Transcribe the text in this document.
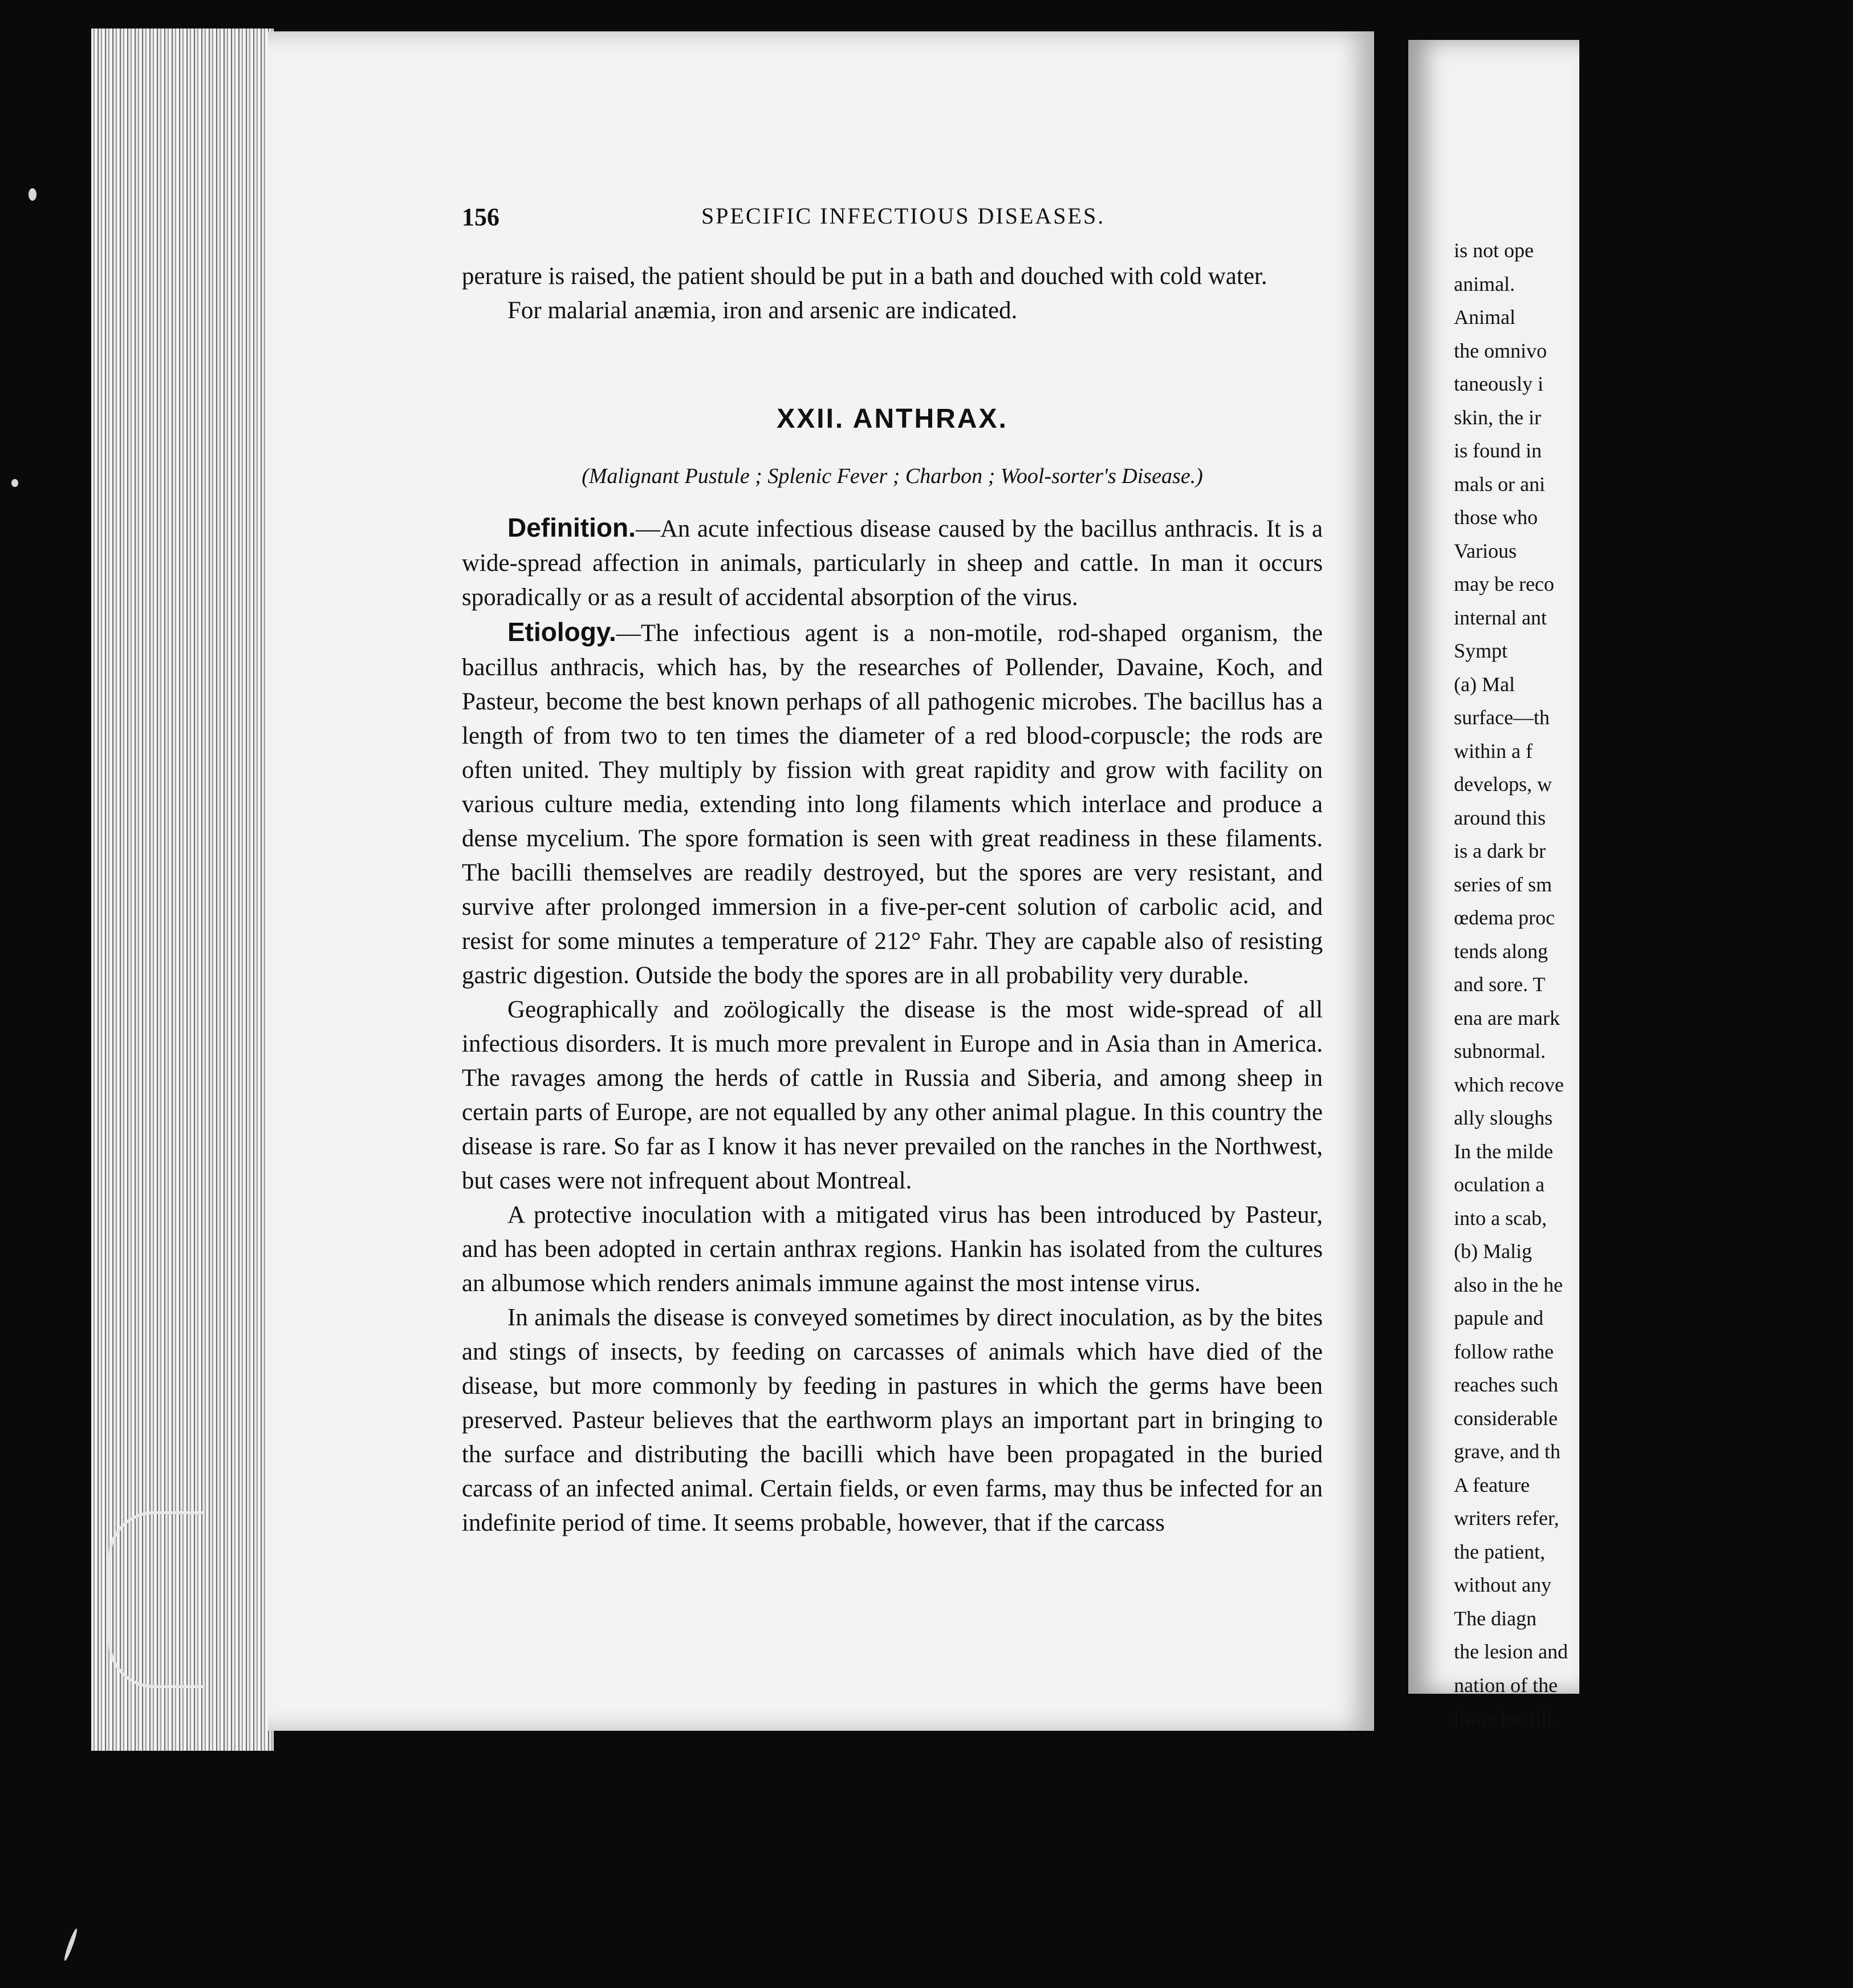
156	SPECIFIC INFECTIOUS DISEASES.

perature is raised, the patient should be put in a bath and douched with cold water.

For malarial anæmia, iron and arsenic are indicated.

XXII. ANTHRAX.
(Malignant Pustule ; Splenic Fever ; Charbon ; Wool-sorter's Disease.)

Definition.—An acute infectious disease caused by the bacillus anthracis. It is a wide-spread affection in animals, particularly in sheep and cattle. In man it occurs sporadically or as a result of accidental absorption of the virus.

Etiology.—The infectious agent is a non-motile, rod-shaped organism, the bacillus anthracis, which has, by the researches of Pollender, Davaine, Koch, and Pasteur, become the best known perhaps of all pathogenic microbes. The bacillus has a length of from two to ten times the diameter of a red blood-corpuscle; the rods are often united. They multiply by fission with great rapidity and grow with facility on various culture media, extending into long filaments which interlace and produce a dense mycelium. The spore formation is seen with great readiness in these filaments. The bacilli themselves are readily destroyed, but the spores are very resistant, and survive after prolonged immersion in a five-per-cent solution of carbolic acid, and resist for some minutes a temperature of 212° Fahr. They are capable also of resisting gastric digestion. Outside the body the spores are in all probability very durable.

Geographically and zoölogically the disease is the most wide-spread of all infectious disorders. It is much more prevalent in Europe and in Asia than in America. The ravages among the herds of cattle in Russia and Siberia, and among sheep in certain parts of Europe, are not equalled by any other animal plague. In this country the disease is rare. So far as I know it has never prevailed on the ranches in the Northwest, but cases were not infrequent about Montreal.

A protective inoculation with a mitigated virus has been introduced by Pasteur, and has been adopted in certain anthrax regions. Hankin has isolated from the cultures an albumose which renders animals immune against the most intense virus.

In animals the disease is conveyed sometimes by direct inoculation, as by the bites and stings of insects, by feeding on carcasses of animals which have died of the disease, but more commonly by feeding in pastures in which the germs have been preserved. Pasteur believes that the earthworm plays an important part in bringing to the surface and distributing the bacilli which have been propagated in the buried carcass of an infected animal. Certain fields, or even farms, may thus be infected for an indefinite period of time. It seems probable, however, that if the carcass

is not ope
animal.
Animal
the omnivo
taneously i
skin, the ir
is found in
mals or ani
those who
Various
may be reco
internal ant
Sympt
(a) Mal
surface—th
within a f
develops, w
around this
is a dark br
series of sm
œdema proc
tends along
and sore. T
ena are mark
subnormal.
which recove
ally sloughs
In the milde
oculation a
into a scab,
(b) Malig
also in the he
papule and
follow rathe
reaches such
considerable
grave, and th
A feature
writers refer,
the patient,
without any
The diagn
the lesion and
nation of the
thrax bacilli.
